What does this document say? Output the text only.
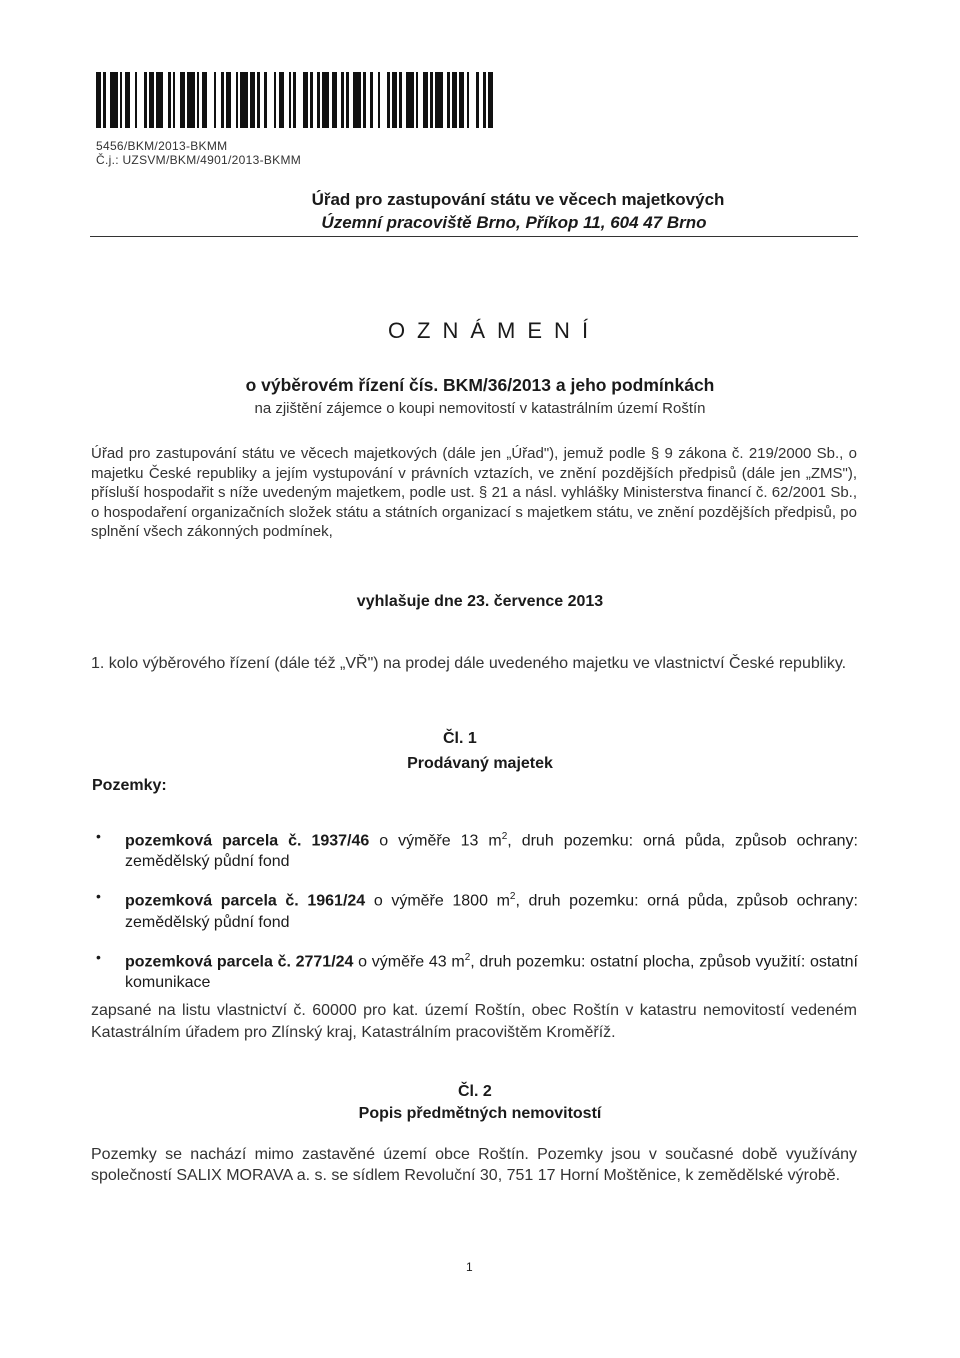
5456/BKM/2013-BKMM
Č.j.: UZSVM/BKM/4901/2013-BKMM
Úřad pro zastupování státu ve věcech majetkových
Územní pracoviště Brno, Příkop 11, 604 47 Brno
OZNÁMENÍ
o výběrovém řízení čís. BKM/36/2013 a jeho podmínkách
na zjištění zájemce o koupi nemovitostí v katastrálním území Roštín
Úřad pro zastupování státu ve věcech majetkových (dále jen „Úřad"), jemuž podle § 9 zákona č. 219/2000 Sb., o majetku České republiky a jejím vystupování v právních vztazích, ve znění pozdějších předpisů (dále jen „ZMS"), přísluší hospodařit s níže uvedeným majetkem, podle ust. § 21 a násl. vyhlášky Ministerstva financí č. 62/2001 Sb., o hospodaření organizačních složek státu a státních organizací s majetkem státu, ve znění pozdějších předpisů, po splnění všech zákonných podmínek,
vyhlašuje dne 23. července 2013
1. kolo výběrového řízení (dále též „VŘ") na prodej dále uvedeného majetku ve vlastnictví České republiky.
Čl. 1
Prodávaný majetek
Pozemky:
• pozemková parcela č. 1937/46 o výměře 13 $m^2$, druh pozemku: orná půda, způsob ochrany: zemědělský půdní fond
• pozemková parcela č. 1961/24 o výměře 1800 $m^2$, druh pozemku: orná půda, způsob ochrany: zemědělský půdní fond
• pozemková parcela č. 2771/24 o výměře 43 $m^2$, druh pozemku: ostatní plocha, způsob využití: ostatní komunikace
zapsané na listu vlastnictví č. 60000 pro kat. území Roštín, obec Roštín v katastru nemovitostí vedeném Katastrálním úřadem pro Zlínský kraj, Katastrálním pracovištěm Kroměříž.
Čl. 2
Popis předmětných nemovitostí
Pozemky se nachází mimo zastavěné území obce Roštín. Pozemky jsou v současné době využívány společností SALIX MORAVA a. s. se sídlem Revoluční 30, 751 17 Horní Moštěnice, k zemědělské výrobě.
1
